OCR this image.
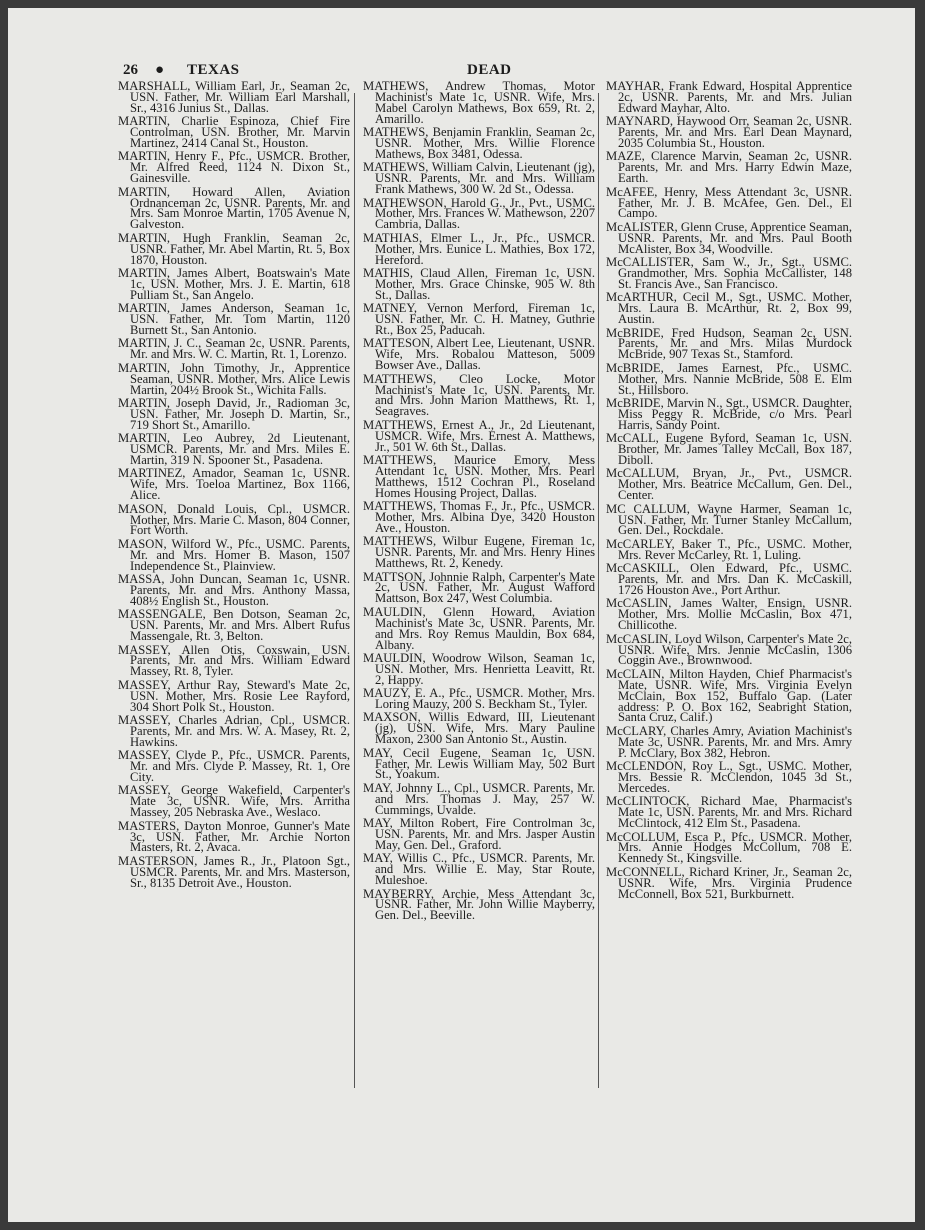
26 ● TEXAS	DEAD

MARSHALL, William Earl, Jr., Seaman 2c, USN. Father, Mr. William Earl Marshall, Sr., 4316 Junius St., Dallas.

MARTIN, Charlie Espinoza, Chief Fire Controlman, USN. Brother, Mr. Marvin Martinez, 2414 Canal St., Houston.

MARTIN, Henry F., Pfc., USMCR. Brother, Mr. Alfred Reed, 1124 N. Dixon St., Gainesville.

MARTIN, Howard Allen, Aviation Ordnanceman 2c, USNR. Parents, Mr. and Mrs. Sam Monroe Martin, 1705 Avenue N, Galveston.

MARTIN, Hugh Franklin, Seaman 2c, USNR. Father, Mr. Abel Martin, Rt. 5, Box 1870, Houston.

MARTIN, James Albert, Boatswain's Mate 1c, USN. Mother, Mrs. J. E. Martin, 618 Pulliam St., San Angelo.

MARTIN, James Anderson, Seaman 1c, USN. Father, Mr. Tom Martin, 1120 Burnett St., San Antonio.

MARTIN, J. C., Seaman 2c, USNR. Parents, Mr. and Mrs. W. C. Martin, Rt. 1, Lorenzo.

MARTIN, John Timothy, Jr., Apprentice Seaman, USNR. Mother, Mrs. Alice Lewis Martin, 204½ Brook St., Wichita Falls.

MARTIN, Joseph David, Jr., Radioman 3c, USN. Father, Mr. Joseph D. Martin, Sr., 719 Short St., Amarillo.

MARTIN, Leo Aubrey, 2d Lieutenant, USMCR. Parents, Mr. and Mrs. Miles E. Martin, 319 N. Spooner St., Pasadena.

MARTINEZ, Amador, Seaman 1c, USNR. Wife, Mrs. Toeloa Martinez, Box 1166, Alice.

MASON, Donald Louis, Cpl., USMCR. Mother, Mrs. Marie C. Mason, 804 Conner, Fort Worth.

MASON, Wilford W., Pfc., USMC. Parents, Mr. and Mrs. Homer B. Mason, 1507 Independence St., Plainview.

MASSA, John Duncan, Seaman 1c, USNR. Parents, Mr. and Mrs. Anthony Massa, 408½ English St., Houston.

MASSENGALE, Ben Dotson, Seaman 2c, USN. Parents, Mr. and Mrs. Albert Rufus Massengale, Rt. 3, Belton.

MASSEY, Allen Otis, Coxswain, USN. Parents, Mr. and Mrs. William Edward Massey, Rt. 8, Tyler.

MASSEY, Arthur Ray, Steward's Mate 2c, USN. Mother, Mrs. Rosie Lee Rayford, 304 Short Polk St., Houston.

MASSEY, Charles Adrian, Cpl., USMCR. Parents, Mr. and Mrs. W. A. Masey, Rt. 2, Hawkins.

MASSEY, Clyde P., Pfc., USMCR. Parents, Mr. and Mrs. Clyde P. Massey, Rt. 1, Ore City.

MASSEY, George Wakefield, Carpenter's Mate 3c, USNR. Wife, Mrs. Arritha Massey, 205 Nebraska Ave., Weslaco.

MASTERS, Dayton Monroe, Gunner's Mate 3c, USN. Father, Mr. Archie Norton Masters, Rt. 2, Avaca.

MASTERSON, James R., Jr., Platoon Sgt., USMCR. Parents, Mr. and Mrs. Masterson, Sr., 8135 Detroit Ave., Houston.

MATHEWS, Andrew Thomas, Motor Machinist's Mate 1c, USNR. Wife, Mrs. Mabel Carolyn Mathews, Box 659, Rt. 2, Amarillo.

MATHEWS, Benjamin Franklin, Seaman 2c, USNR. Mother, Mrs. Willie Florence Mathews, Box 3481, Odessa.

MATHEWS, William Calvin, Lieutenant (jg), USNR. Parents, Mr. and Mrs. William Frank Mathews, 300 W. 2d St., Odessa.

MATHEWSON, Harold G., Jr., Pvt., USMC. Mother, Mrs. Frances W. Mathewson, 2207 Cambria, Dallas.

MATHIAS, Elmer L., Jr., Pfc., USMCR. Mother, Mrs. Eunice L. Mathies, Box 172, Hereford.

MATHIS, Claud Allen, Fireman 1c, USN. Mother, Mrs. Grace Chinske, 905 W. 8th St., Dallas.

MATNEY, Vernon Merford, Fireman 1c, USN. Father, Mr. C. H. Matney, Guthrie Rt., Box 25, Paducah.

MATTESON, Albert Lee, Lieutenant, USNR. Wife, Mrs. Robalou Matteson, 5009 Bowser Ave., Dallas.

MATTHEWS, Cleo Locke, Motor Machinist's Mate 1c, USN. Parents, Mr. and Mrs. John Marion Matthews, Rt. 1, Seagraves.

MATTHEWS, Ernest A., Jr., 2d Lieutenant, USMCR. Wife, Mrs. Ernest A. Matthews, Jr., 501 W. 6th St., Dallas.

MATTHEWS, Maurice Emory, Mess Attendant 1c, USN. Mother, Mrs. Pearl Matthews, 1512 Cochran Pl., Roseland Homes Housing Project, Dallas.

MATTHEWS, Thomas F., Jr., Pfc., USMCR. Mother, Mrs. Albina Dye, 3420 Houston Ave., Houston.

MATTHEWS, Wilbur Eugene, Fireman 1c, USNR. Parents, Mr. and Mrs. Henry Hines Matthews, Rt. 2, Kenedy.

MATTSON, Johnnie Ralph, Carpenter's Mate 2c, USN. Father, Mr. August Wafford Mattson, Box 247, West Columbia.

MAULDIN, Glenn Howard, Aviation Machinist's Mate 3c, USNR. Parents, Mr. and Mrs. Roy Remus Mauldin, Box 684, Albany.

MAULDIN, Woodrow Wilson, Seaman 1c, USN. Mother, Mrs. Henrietta Leavitt, Rt. 2, Happy.

MAUZY, E. A., Pfc., USMCR. Mother, Mrs. Loring Mauzy, 200 S. Beckham St., Tyler.

MAXSON, Willis Edward, III, Lieutenant (jg), USN. Wife, Mrs. Mary Pauline Maxon, 2300 San Antonio St., Austin.

MAY, Cecil Eugene, Seaman 1c, USN. Father, Mr. Lewis William May, 502 Burt St., Yoakum.

MAY, Johnny L., Cpl., USMCR. Parents, Mr. and Mrs. Thomas J. May, 257 W. Cummings, Uvalde.

MAY, Milton Robert, Fire Controlman 3c, USN. Parents, Mr. and Mrs. Jasper Austin May, Gen. Del., Graford.

MAY, Willis C., Pfc., USMCR. Parents, Mr. and Mrs. Willie E. May, Star Route, Muleshoe.

MAYBERRY, Archie, Mess Attendant 3c, USNR. Father, Mr. John Willie Mayberry, Gen. Del., Beeville.

MAYHAR, Frank Edward, Hospital Apprentice 2c, USNR. Parents, Mr. and Mrs. Julian Edward Mayhar, Alto.

MAYNARD, Haywood Orr, Seaman 2c, USNR. Parents, Mr. and Mrs. Earl Dean Maynard, 2035 Columbia St., Houston.

MAZE, Clarence Marvin, Seaman 2c, USNR. Parents, Mr. and Mrs. Harry Edwin Maze, Earth.

McAFEE, Henry, Mess Attendant 3c, USNR. Father, Mr. J. B. McAfee, Gen. Del., El Campo.

McALISTER, Glenn Cruse, Apprentice Seaman, USNR. Parents, Mr. and Mrs. Paul Booth McAlister, Box 34, Woodville.

McCALLISTER, Sam W., Jr., Sgt., USMC. Grandmother, Mrs. Sophia McCallister, 148 St. Francis Ave., San Francisco.

McARTHUR, Cecil M., Sgt., USMC. Mother, Mrs. Laura B. McArthur, Rt. 2, Box 99, Austin.

McBRIDE, Fred Hudson, Seaman 2c, USN. Parents, Mr. and Mrs. Milas Murdock McBride, 907 Texas St., Stamford.

McBRIDE, James Earnest, Pfc., USMC. Mother, Mrs. Nannie McBride, 508 E. Elm St., Hillsboro.

McBRIDE, Marvin N., Sgt., USMCR. Daughter, Miss Peggy R. McBride, c/o Mrs. Pearl Harris, Sandy Point.

McCALL, Eugene Byford, Seaman 1c, USN. Brother, Mr. James Talley McCall, Box 187, Diboll.

McCALLUM, Bryan, Jr., Pvt., USMCR. Mother, Mrs. Beatrice McCallum, Gen. Del., Center.

MC CALLUM, Wayne Harmer, Seaman 1c, USN. Father, Mr. Turner Stanley McCallum, Gen. Del., Rockdale.

McCARLEY, Baker T., Pfc., USMC. Mother, Mrs. Rever McCarley, Rt. 1, Luling.

McCASKILL, Olen Edward, Pfc., USMC. Parents, Mr. and Mrs. Dan K. McCaskill, 1726 Houston Ave., Port Arthur.

McCASLIN, James Walter, Ensign, USNR. Mother, Mrs. Mollie McCaslin, Box 471, Chillicothe.

McCASLIN, Loyd Wilson, Carpenter's Mate 2c, USNR. Wife, Mrs. Jennie McCaslin, 1306 Coggin Ave., Brownwood.

McCLAIN, Milton Hayden, Chief Pharmacist's Mate, USNR. Wife, Mrs. Virginia Evelyn McClain, Box 152, Buffalo Gap. (Later address: P. O. Box 162, Seabright Station, Santa Cruz, Calif.)

McCLARY, Charles Amry, Aviation Machinist's Mate 3c, USNR. Parents, Mr. and Mrs. Amry P. McClary, Box 382, Hebron.

McCLENDON, Roy L., Sgt., USMC. Mother, Mrs. Bessie R. McClendon, 1045 3d St., Mercedes.

McCLINTOCK, Richard Mae, Pharmacist's Mate 1c, USN. Parents, Mr. and Mrs. Richard McClintock, 412 Elm St., Pasadena.

McCOLLUM, Esca P., Pfc., USMCR. Mother, Mrs. Annie Hodges McCollum, 708 E. Kennedy St., Kingsville.

McCONNELL, Richard Kriner, Jr., Seaman 2c, USNR. Wife, Mrs. Virginia Prudence McConnell, Box 521, Burkburnett.
